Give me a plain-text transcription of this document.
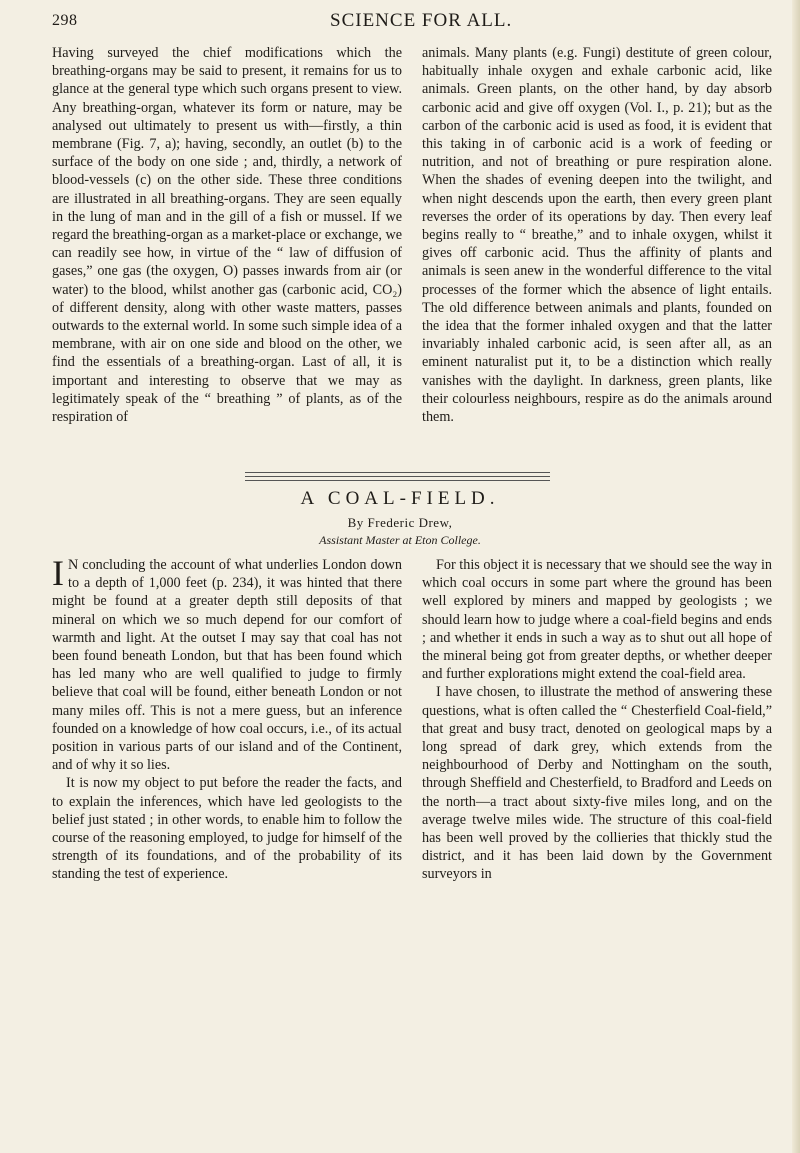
298	SCIENCE FOR ALL.

Having surveyed the chief modifications which the breathing-organs may be said to present, it remains for us to glance at the general type which such organs present to view. Any breathing-organ, whatever its form or nature, may be analysed out ultimately to present us with—firstly, a thin membrane (Fig. 7, a); having, secondly, an outlet (b) to the surface of the body on one side ; and, thirdly, a network of blood-vessels (c) on the other side. These three conditions are illustrated in all breathing-organs. They are seen equally in the lung of man and in the gill of a fish or mussel. If we regard the breathing-organ as a market-place or exchange, we can readily see how, in virtue of the “ law of diffusion of gases,” one gas (the oxygen, O) passes inwards from air (or water) to the blood, whilst another gas (carbonic acid, CO₂) of different density, along with other waste matters, passes outwards to the external world. In some such simple idea of a membrane, with air on one side and blood on the other, we find the essentials of a breathing-organ. Last of all, it is important and interesting to observe that we may as legitimately speak of the “ breathing ” of plants, as of the respiration of

animals. Many plants (e.g. Fungi) destitute of green colour, habitually inhale oxygen and exhale carbonic acid, like animals. Green plants, on the other hand, by day absorb carbonic acid and give off oxygen (Vol. I., p. 21); but as the carbon of the carbonic acid is used as food, it is evident that this taking in of carbonic acid is a work of feeding or nutrition, and not of breathing or pure respiration alone. When the shades of evening deepen into the twilight, and when night descends upon the earth, then every green plant reverses the order of its operations by day. Then every leaf begins really to “ breathe,” and to inhale oxygen, whilst it gives off carbonic acid. Thus the affinity of plants and animals is seen anew in the wonderful difference to the vital processes of the former which the absence of light entails. The old difference between animals and plants, founded on the idea that the former inhaled oxygen and that the latter invariably inhaled carbonic acid, is seen after all, as an eminent naturalist put it, to be a distinction which really vanishes with the daylight. In darkness, green plants, like their colourless neighbours, respire as do the animals around them.

A COAL-FIELD.
By Frederic Drew,
Assistant Master at Eton College.

I N concluding the account of what underlies London down to a depth of 1,000 feet (p. 234), it was hinted that there might be found at a greater depth still deposits of that mineral on which we so much depend for our comfort of warmth and light. At the outset I may say that coal has not been found beneath London, but that has been found which has led many who are well qualified to judge to firmly believe that coal will be found, either beneath London or not many miles off. This is not a mere guess, but an inference founded on a knowledge of how coal occurs, i.e., of its actual position in various parts of our island and of the Continent, and of why it so lies.

It is now my object to put before the reader the facts, and to explain the inferences, which have led geologists to the belief just stated ; in other words, to enable him to follow the course of the reasoning employed, to judge for himself of the strength of its foundations, and of the probability of its standing the test of experience.

For this object it is necessary that we should see the way in which coal occurs in some part where the ground has been well explored by miners and mapped by geologists ; we should learn how to judge where a coal-field begins and ends ; and whether it ends in such a way as to shut out all hope of the mineral being got from greater depths, or whether deeper and further explorations might extend the coal-field area.

I have chosen, to illustrate the method of answering these questions, what is often called the “ Chesterfield Coal-field,” that great and busy tract, denoted on geological maps by a long spread of dark grey, which extends from the neighbourhood of Derby and Nottingham on the south, through Sheffield and Chesterfield, to Bradford and Leeds on the north—a tract about sixty-five miles long, and on the average twelve miles wide. The structure of this coal-field has been well proved by the collieries that thickly stud the district, and it has been laid down by the Government surveyors in
